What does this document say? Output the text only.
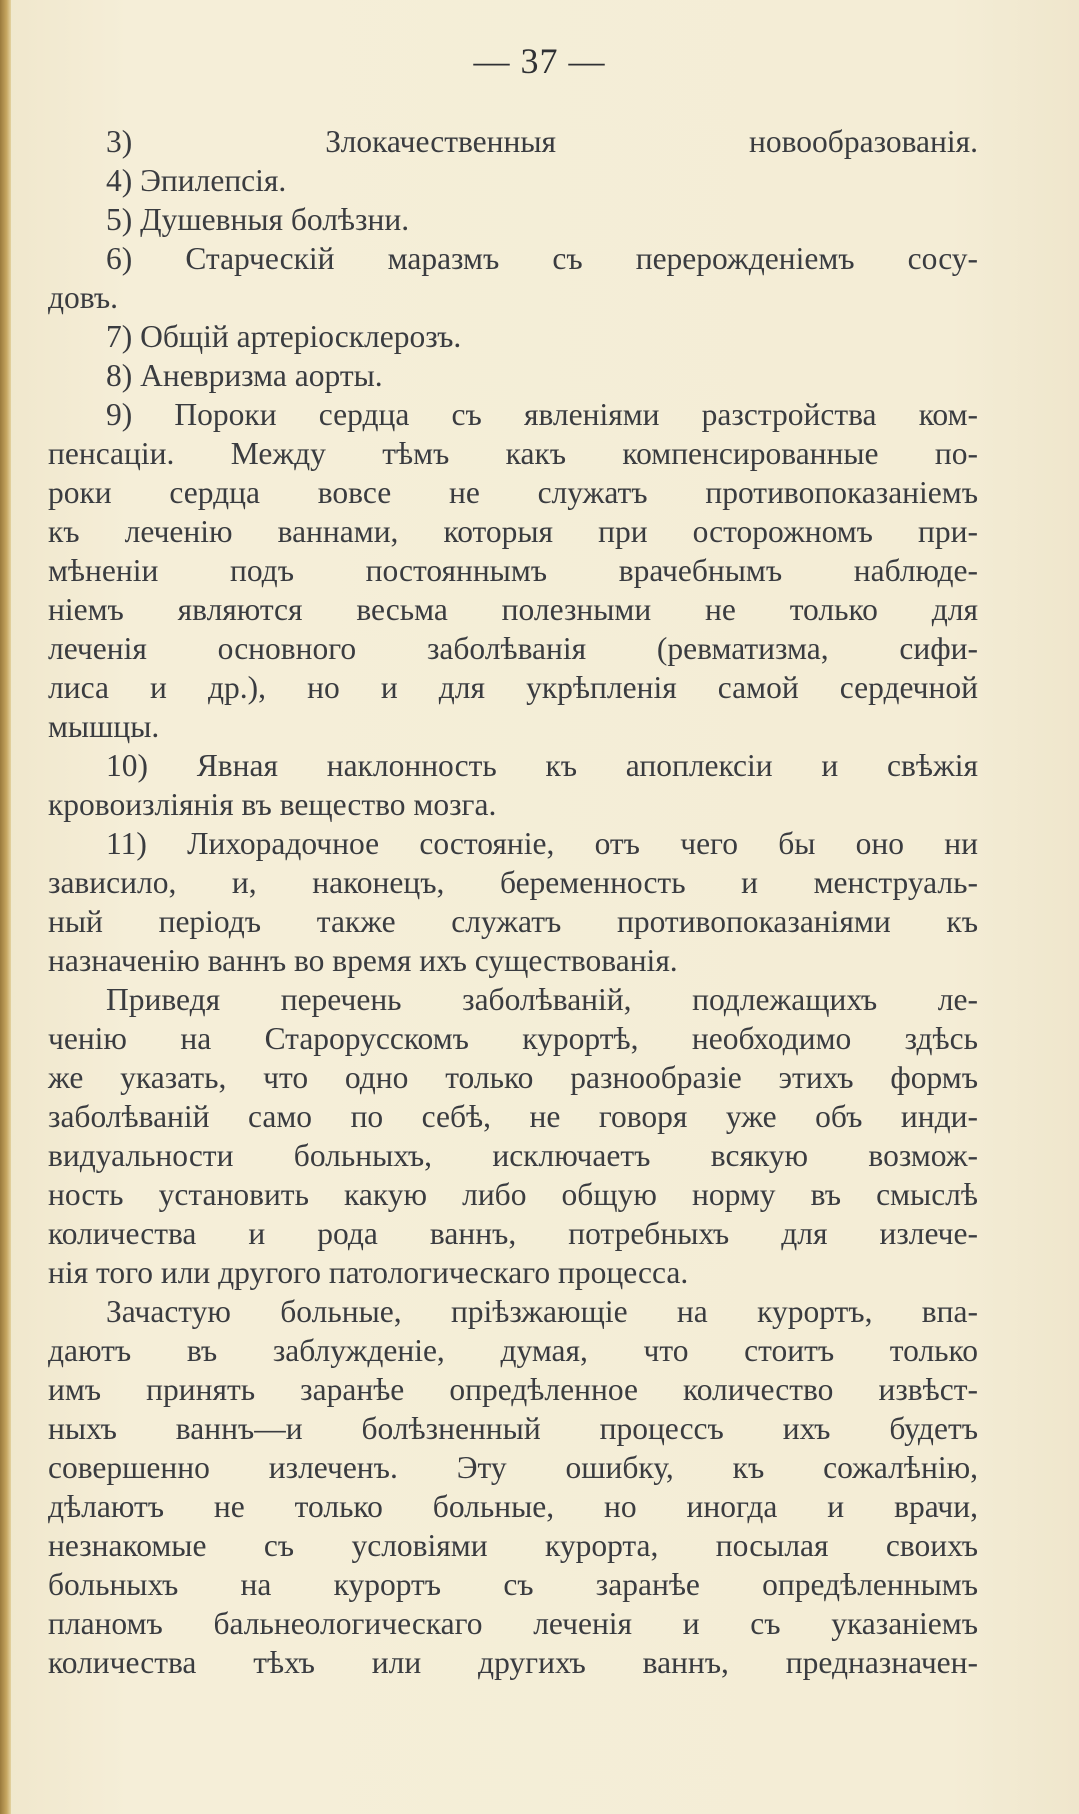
— 37 —

3) Злокачественныя новообразованія.

4) Эпилепсія.

5) Душевныя болѣзни.

6) Старческій маразмъ съ перерожденіемъ сосу-

довъ.

7) Общій артеріосклерозъ.

8) Аневризма аорты.

9) Пороки сердца съ явленіями разстройства ком-

пенсаціи. Между тѣмъ какъ компенсированные по-

роки сердца вовсе не служатъ противопоказаніемъ

къ леченію ваннами, которыя при осторожномъ при-

мѣненіи подъ постояннымъ врачебнымъ наблюде-

ніемъ являются весьма полезными не только для

леченія основного заболѣванія (ревматизма, сифи-

лиса и др.), но и для укрѣпленія самой сердечной

мышцы.

10) Явная наклонность къ апоплексіи и свѣжія

кровоизліянія въ вещество мозга.

11) Лихорадочное состояніе, отъ чего бы оно ни

зависило, и, наконецъ, беременность и менструаль-

ный періодъ также служатъ противопоказаніями къ

назначенію ваннъ во время ихъ существованія.

Приведя перечень заболѣваній, подлежащихъ ле-

ченію на Старорусскомъ курортѣ, необходимо здѣсь

же указать, что одно только разнообразіе этихъ формъ

заболѣваній само по себѣ, не говоря уже объ инди-

видуальности больныхъ, исключаетъ всякую возмож-

ность установить какую либо общую норму въ смыслѣ

количества и рода ваннъ, потребныхъ для излече-

нія того или другого патологическаго процесса.

Зачастую больные, пріѣзжающіе на курортъ, впа-

даютъ въ заблужденіе, думая, что стоитъ только

имъ принять заранѣе опредѣленное количество извѣст-

ныхъ ваннъ—и болѣзненный процессъ ихъ будетъ

совершенно излеченъ. Эту ошибку, къ сожалѣнію,

дѣлаютъ не только больные, но иногда и врачи,

незнакомые съ условіями курорта, посылая своихъ

больныхъ на курортъ съ заранѣе опредѣленнымъ

планомъ бальнеологическаго леченія и съ указаніемъ

количества тѣхъ или другихъ ваннъ, предназначен-
